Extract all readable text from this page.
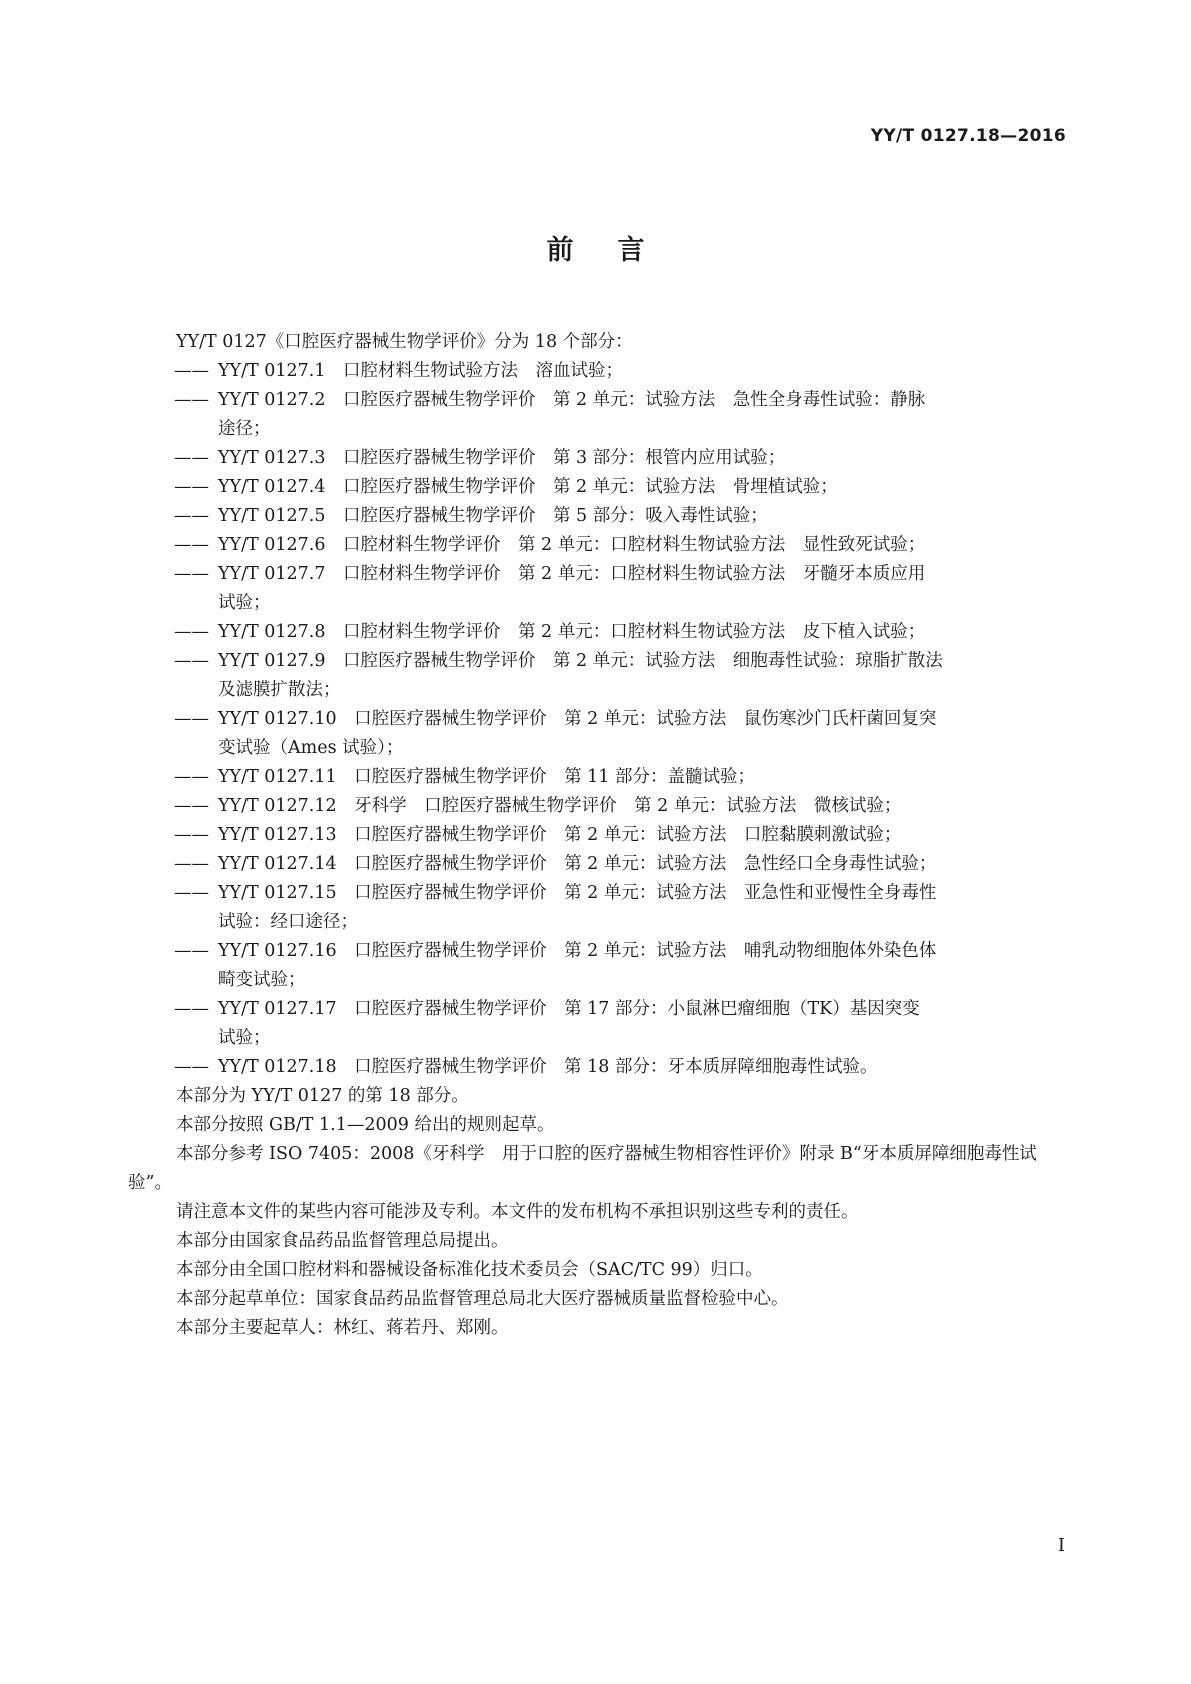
YY/T 0127.18—2016
前言

YY/T 0127《口腔医疗器械生物学评价》分为 18 个部分：

—— YY/T 0127.1　口腔材料生物试验方法　溶血试验；
—— YY/T 0127.2　口腔医疗器械生物学评价　第 2 单元：试验方法　急性全身毒性试验：静脉
途径；
—— YY/T 0127.3　口腔医疗器械生物学评价　第 3 部分：根管内应用试验；
—— YY/T 0127.4　口腔医疗器械生物学评价　第 2 单元：试验方法　骨埋植试验；
—— YY/T 0127.5　口腔医疗器械生物学评价　第 5 部分：吸入毒性试验；
—— YY/T 0127.6　口腔材料生物学评价　第 2 单元：口腔材料生物试验方法　显性致死试验；
—— YY/T 0127.7　口腔材料生物学评价　第 2 单元：口腔材料生物试验方法　牙髓牙本质应用
试验；
—— YY/T 0127.8　口腔材料生物学评价　第 2 单元：口腔材料生物试验方法　皮下植入试验；
—— YY/T 0127.9　口腔医疗器械生物学评价　第 2 单元：试验方法　细胞毒性试验：琼脂扩散法
及滤膜扩散法；
—— YY/T 0127.10　口腔医疗器械生物学评价　第 2 单元：试验方法　鼠伤寒沙门氏杆菌回复突
变试验（Ames 试验）；
—— YY/T 0127.11　口腔医疗器械生物学评价　第 11 部分：盖髓试验；
—— YY/T 0127.12　牙科学　口腔医疗器械生物学评价　第 2 单元：试验方法　微核试验；
—— YY/T 0127.13　口腔医疗器械生物学评价　第 2 单元：试验方法　口腔黏膜刺激试验；
—— YY/T 0127.14　口腔医疗器械生物学评价　第 2 单元：试验方法　急性经口全身毒性试验；
—— YY/T 0127.15　口腔医疗器械生物学评价　第 2 单元：试验方法　亚急性和亚慢性全身毒性
试验：经口途径；
—— YY/T 0127.16　口腔医疗器械生物学评价　第 2 单元：试验方法　哺乳动物细胞体外染色体
畸变试验；
—— YY/T 0127.17　口腔医疗器械生物学评价　第 17 部分：小鼠淋巴瘤细胞（TK）基因突变
试验；
—— YY/T 0127.18　口腔医疗器械生物学评价　第 18 部分：牙本质屏障细胞毒性试验。

本部分为 YY/T 0127 的第 18 部分。

本部分按照 GB/T 1.1—2009 给出的规则起草。

本部分参考 ISO 7405：2008《牙科学　用于口腔的医疗器械生物相容性评价》附录 B“牙本质屏障细胞毒性试验”。

请注意本文件的某些内容可能涉及专利。本文件的发布机构不承担识别这些专利的责任。

本部分由国家食品药品监督管理总局提出。

本部分由全国口腔材料和器械设备标准化技术委员会（SAC/TC 99）归口。

本部分起草单位：国家食品药品监督管理总局北大医疗器械质量监督检验中心。

本部分主要起草人：林红、蒋若丹、郑刚。

I
